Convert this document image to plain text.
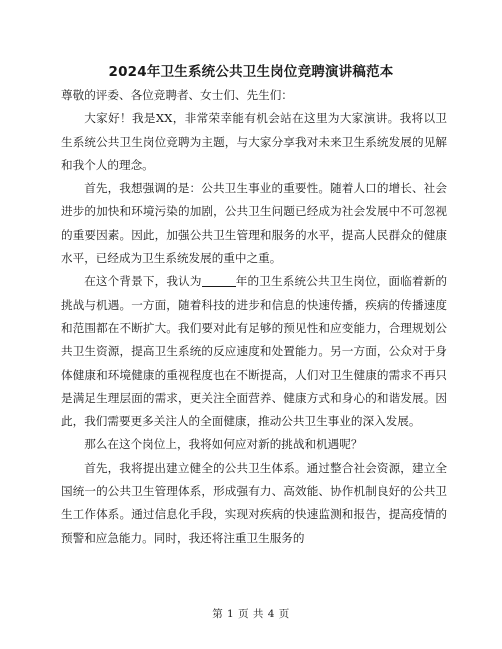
2024年卫生系统公共卫生岗位竞聘演讲稿范本

尊敬的评委、各位竞聘者、女士们、先生们：

大家好！我是XX，非常荣幸能有机会站在这里为大家演讲。我将以卫生系统公共卫生岗位竞聘为主题，与大家分享我对未来卫生系统发展的见解和我个人的理念。

首先，我想强调的是：公共卫生事业的重要性。随着人口的增长、社会进步的加快和环境污染的加剧，公共卫生问题已经成为社会发展中不可忽视的重要因素。因此，加强公共卫生管理和服务的水平，提高人民群众的健康水平，已经成为卫生系统发展的重中之重。

在这个背景下，我认为	年的卫生系统公共卫生岗位，面临着新的挑战与机遇。一方面，随着科技的进步和信息的快速传播，疾病的传播速度和范围都在不断扩大。我们要对此有足够的预见性和应变能力，合理规划公共卫生资源，提高卫生系统的反应速度和处置能力。另一方面，公众对于身体健康和环境健康的重视程度也在不断提高，人们对卫生健康的需求不再只是满足生理层面的需求，更关注全面营养、健康方式和身心的和谐发展。因此，我们需要更多关注人的全面健康，推动公共卫生事业的深入发展。

那么在这个岗位上，我将如何应对新的挑战和机遇呢？

首先，我将提出建立健全的公共卫生体系。通过整合社会资源，建立全国统一的公共卫生管理体系，形成强有力、高效能、协作机制良好的公共卫生工作体系。通过信息化手段，实现对疾病的快速监测和报告，提高疫情的预警和应急能力。同时，我还将注重卫生服务的

第 1 页 共 4 页
